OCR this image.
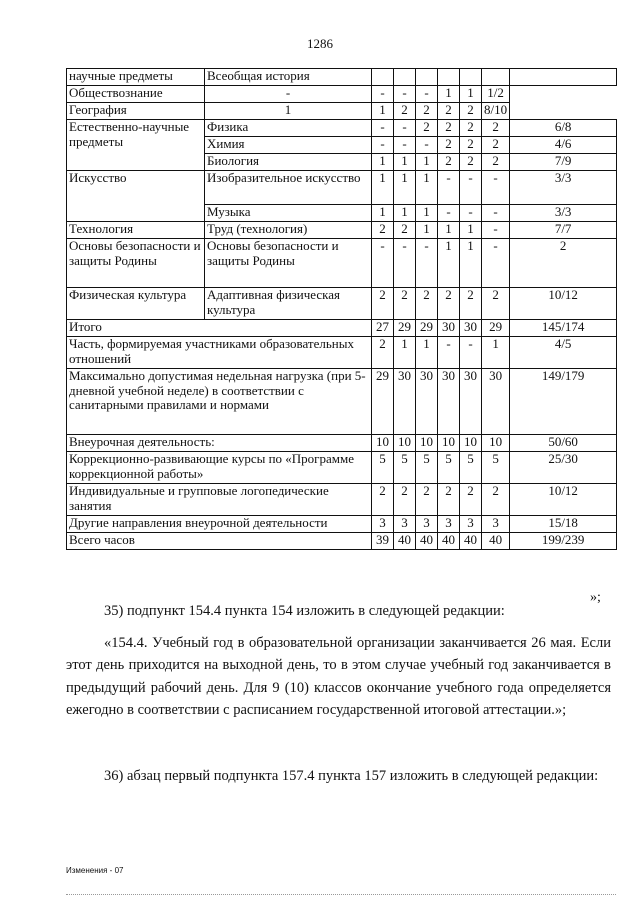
1286
научные предметы	Всеобщая история							
Обществознание	-	-	-	-	1	1	1/2	
География	1	1	2	2	2	2	8/10	
Естественно-научные предметы	Физика	-	-	2	2	2	2	6/8
	Химия	-	-	-	2	2	2	4/6
	Биология	1	1	1	2	2	2	7/9
Искусство	Изобразительное искусство	1	1	1	-	-	-	3/3
	Музыка	1	1	1	-	-	-	3/3
Технология	Труд (технология)	2	2	1	1	1	-	7/7
Основы безопасности и защиты Родины	Основы безопасности и защиты Родины	-	-	-	1	1	-	2
Физическая культура	Адаптивная физическая культура	2	2	2	2	2	2	10/12
Итого		27	29	29	30	30	29	145/174
Часть, формируемая участниками образовательных отношений		2	1	1	-	-	1	4/5
Максимально допустимая недельная нагрузка (при 5-дневной учебной неделе) в соответствии с санитарными правилами и нормами		29	30	30	30	30	30	149/179
Внеурочная деятельность:		10	10	10	10	10	10	50/60
Коррекционно-развивающие курсы по «Программе коррекционной работы»		5	5	5	5	5	5	25/30
Индивидуальные и групповые логопедические занятия		2	2	2	2	2	2	10/12
Другие направления внеурочной деятельности		3	3	3	3	3	3	15/18
Всего часов		39	40	40	40	40	40	199/239
»;

35) подпункт 154.4 пункта 154 изложить в следующей редакции:

«154.4. Учебный год в образовательной организации заканчивается 26 мая. Если этот день приходится на выходной день, то в этом случае учебный год заканчивается в предыдущий рабочий день. Для 9 (10) классов окончание учебного года определяется ежегодно в соответствии с расписанием государственной итоговой аттестации.»;

36) абзац первый подпункта 157.4 пункта 157 изложить в следующей редакции:

Изменения - 07
